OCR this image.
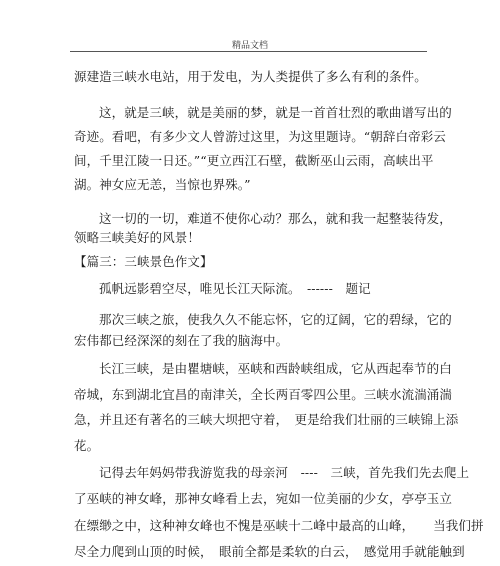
精品文档
源建造三峡水电站，用于发电，为人类提供了多么有利的条件。
这，就是三峡，就是美丽的梦，就是一首首壮烈的歌曲谱写出的
奇迹。看吧，有多少文人曾游过这里，为这里题诗。“朝辞白帝彩云
间，千里江陵一日还。”“更立西江石壁，截断巫山云雨，高峡出平
湖。神女应无恙，当惊也界殊。”
这一切的一切，难道不使你心动？那么，就和我一起整装待发，
领略三峡美好的风景！
【篇三：三峡景色作文】
孤帆远影碧空尽，唯见长江天际流。　------　题记
那次三峡之旅，使我久久不能忘怀，它的辽阔，它的碧绿，它的
宏伟都已经深深的刻在了我的脑海中。
长江三峡，是由瞿塘峡，巫峡和西龄峡组成，它从西起奉节的白
帝城，东到湖北宜昌的南津关，全长两百零四公里。三峡水流湍涌湍
急，并且还有著名的三峡大坝把守着，　更是给我们壮丽的三峡锦上添
花。
记得去年妈妈带我游览我的母亲河　----　三峡，首先我们先去爬上
了巫峡的神女峰，那神女峰看上去，宛如一位美丽的少女，亭亭玉立
在缥缈之中，这种神女峰也不愧是巫峡十二峰中最高的山峰，　　当我们拼
尽全力爬到山顶的时候，　眼前全都是柔软的白云，　感觉用手就能触到
